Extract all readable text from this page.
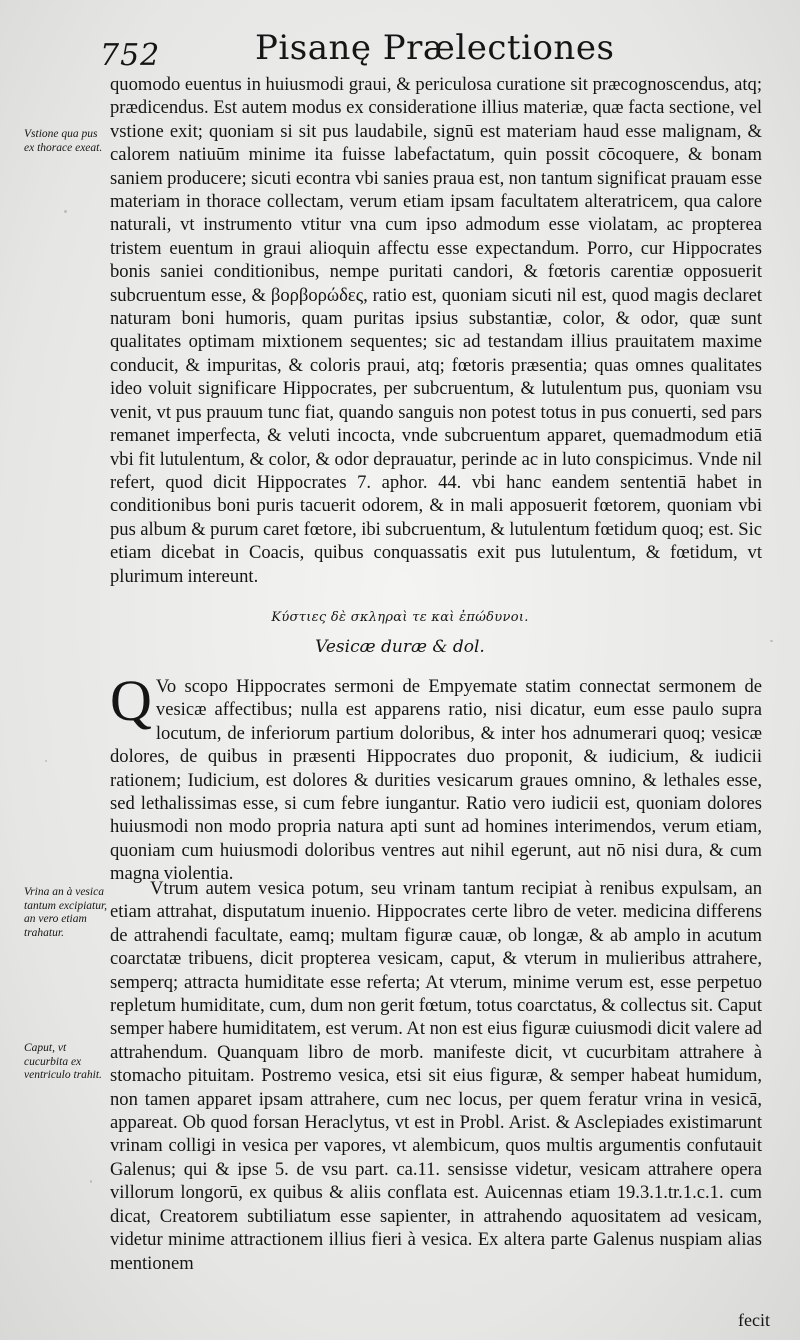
752	Pisanę Prælectiones
Vstione qua pus ex thorace exeat.
Vrina an à vesica tantum excipiatur, an vero etiam trahatur.
Caput, vt cucurbita ex ventriculo trahit.

quomodo euentus in huiusmodi graui, & periculosa curatione sit præcognoscendus, atq; prædicendus. Est autem modus ex consideratione illius materiæ, quæ facta sectione, vel vstione exit; quoniam si sit pus laudabile, signū est materiam haud esse malignam, & calorem natiuūm minime ita fuisse labefactatum, quin possit cōcoquere, & bonam saniem producere; sicuti econtra vbi sanies praua est, non tantum significat prauam esse materiam in thorace collectam, verum etiam ipsam facultatem alteratricem, qua calore naturali, vt instrumento vtitur vna cum ipso admodum esse violatam, ac propterea tristem euentum in graui alioquin affectu esse expectandum. Porro, cur Hippocrates bonis saniei conditionibus, nempe puritati candori, & fœtoris carentiæ opposuerit subcruentum esse, & βορβορώδες, ratio est, quoniam sicuti nil est, quod magis declaret naturam boni humoris, quam puritas ipsius substantiæ, color, & odor, quæ sunt qualitates optimam mixtionem sequentes; sic ad testandam illius prauitatem maxime conducit, & impuritas, & coloris praui, atq; fœtoris præsentia; quas omnes qualitates ideo voluit significare Hippocrates, per subcruentum, & lutulentum pus, quoniam vsu venit, vt pus prauum tunc fiat, quando sanguis non potest totus in pus conuerti, sed pars remanet imperfecta, & veluti incocta, vnde subcruentum apparet, quemadmodum etiā vbi fit lutulentum, & color, & odor deprauatur, perinde ac in luto conspicimus. Vnde nil refert, quod dicit Hippocrates 7. aphor. 44. vbi hanc eandem sententiā habet in conditionibus boni puris tacuerit odorem, & in mali apposuerit fœtorem, quoniam vbi pus album & purum caret fœtore, ibi subcruentum, & lutulentum fœtidum quoq; est. Sic etiam dicebat in Coacis, quibus conquassatis exit pus lutulentum, & fœtidum, vt plurimum intereunt.

Κύστιες δὲ σκληραὶ τε καὶ ἐπώδυνοι.
Vesicæ duræ & dol.

QVo scopo Hippocrates sermoni de Empyemate statim connectat sermonem de vesicæ affectibus; nulla est apparens ratio, nisi dicatur, eum esse paulo supra locutum, de inferiorum partium doloribus, & inter hos adnumerari quoq; vesicæ dolores, de quibus in præsenti Hippocrates duo proponit, & iudicium, & iudicii rationem; Iudicium, est dolores & durities vesicarum graues omnino, & lethales esse, sed lethalissimas esse, si cum febre iungantur. Ratio vero iudicii est, quoniam dolores huiusmodi non modo propria natura apti sunt ad homines interimendos, verum etiam, quoniam cum huiusmodi doloribus ventres aut nihil egerunt, aut nō nisi dura, & cum magna violentia.

Vtrum autem vesica potum, seu vrinam tantum recipiat à renibus expulsam, an etiam attrahat, disputatum inuenio. Hippocrates certe libro de veter. medicina differens de attrahendi facultate, eamq; multam figuræ cauæ, ob longæ, & ab amplo in acutum coarctatæ tribuens, dicit propterea vesicam, caput, & vterum in mulieribus attrahere, semperq; attracta humiditate esse referta; At vterum, minime verum est, esse perpetuo repletum humiditate, cum, dum non gerit fœtum, totus coarctatus, & collectus sit. Caput semper habere humiditatem, est verum. At non est eius figuræ cuiusmodi dicit valere ad attrahendum. Quanquam libro de morb. manifeste dicit, vt cucurbitam attrahere à stomacho pituitam. Postremo vesica, etsi sit eius figuræ, & semper habeat humidum, non tamen apparet ipsam attrahere, cum nec locus, per quem feratur vrina in vesicā, appareat. Ob quod forsan Heraclytus, vt est in Probl. Arist. & Asclepiades existimarunt vrinam colligi in vesica per vapores, vt alembicum, quos multis argumentis confutauit Galenus; qui & ipse 5. de vsu part. ca.11. sensisse videtur, vesicam attrahere opera villorum longorū, ex quibus & aliis conflata est. Auicennas etiam 19.3.1.tr.1.c.1. cum dicat, Creatorem subtiliatum esse sapienter, in attrahendo aquositatem ad vesicam, videtur minime attractionem illius fieri à vesica. Ex altera parte Galenus nuspiam alias mentionem

fecit
